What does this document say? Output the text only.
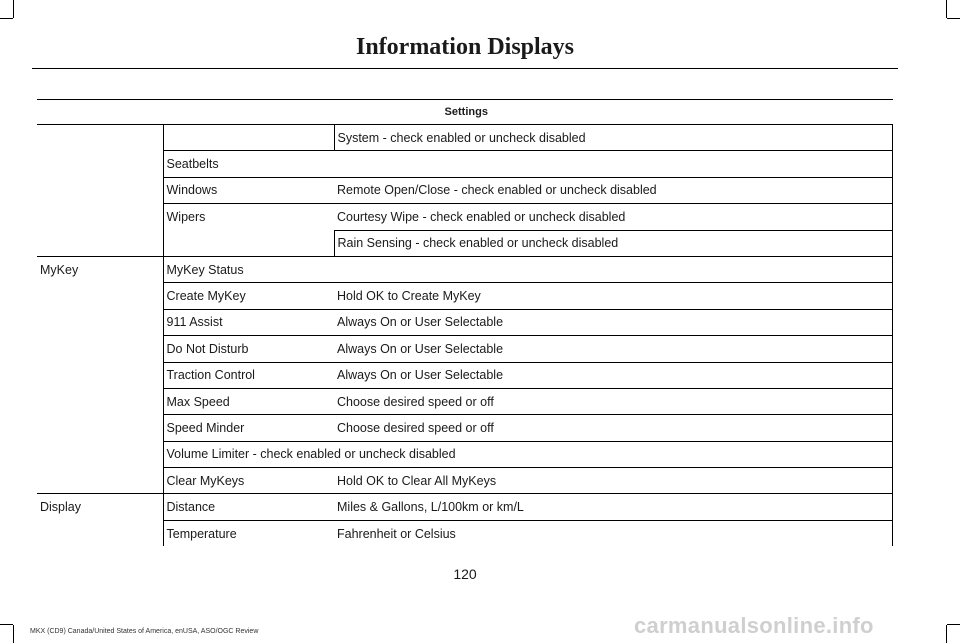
Information Displays
Settings		
		System - check enabled or uncheck disabled
	Seatbelts	
	Windows	Remote Open/Close - check enabled or uncheck disabled
	Wipers	Courtesy Wipe - check enabled or uncheck disabled
		Rain Sensing - check enabled or uncheck disabled
MyKey	MyKey Status	
	Create MyKey	Hold OK to Create MyKey
	911 Assist	Always On or User Selectable
	Do Not Disturb	Always On or User Selectable
	Traction Control	Always On or User Selectable
	Max Speed	Choose desired speed or off
	Speed Minder	Choose desired speed or off
	Volume Limiter - check enabled or uncheck disabled	
	Clear MyKeys	Hold OK to Clear All MyKeys
Display	Distance	Miles & Gallons, L/100km or km/L
	Temperature	Fahrenheit or Celsius
120
MKX (CD9) Canada/United States of America, enUSA, ASO/OGC Review	carmanualsonline.info
